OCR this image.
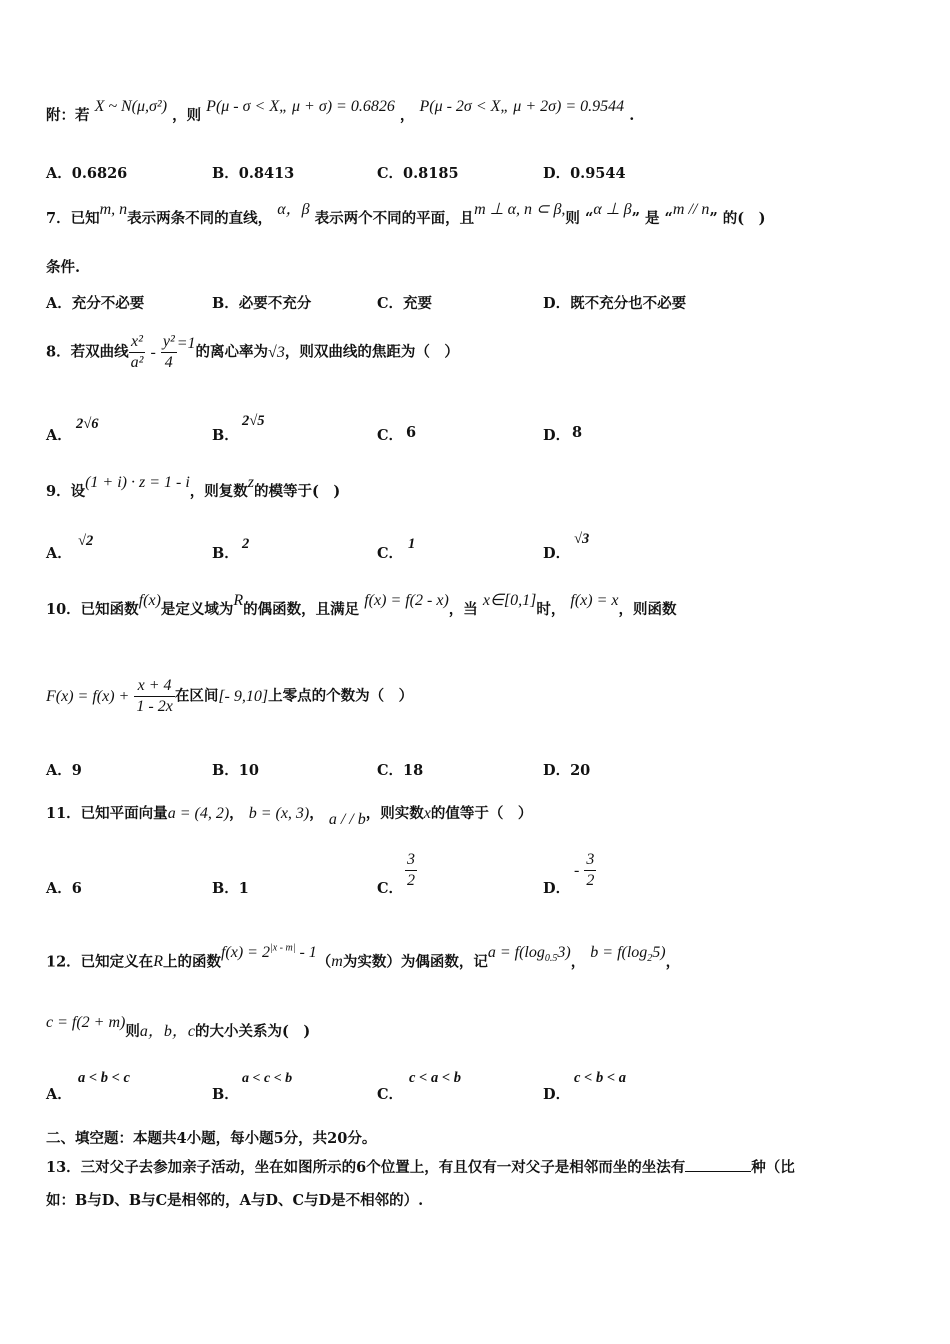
附：若 X ~ N(μ,σ²) ，则 P(μ - σ < X„ μ + σ) = 0.6826 ， P(μ - 2σ < X„ μ + 2σ) = 0.9544 .
A．0.6826	B．0.8413	C．0.8185	D．0.9544
7．已知m, n表示两条不同的直线， α，β 表示两个不同的平面，且m ⊥ α, n ⊂ β,则 “α ⊥ β” 是 “m // n” 的(　)
条件.
A．充分不必要	B．必要不充分	C．充要	D．既不充分也不必要
8．若双曲线 $\frac{\text{x²}}{\text{a²}} - \frac{\text{y²}}{4} =1$的离心率为√3，则双曲线的焦距为（　）
A．
2√6
B．
2√5
C． 6	D． 8
9．设(1 + i) · z = 1 - i，则复数z的模等于(　)
A．
√2
B．
2
C．
1
D．
√3
10．已知函数f(x)是定义域为R的偶函数，且满足 f(x) = f(2 - x)，当 x∈[0,1]时， f(x) = x，则函数
$F(x) = f(x) + \frac{x + 4}{1 - 2x}$ 在区间[- 9,10]上零点的个数为（　）
A．9	B．10	C．18	D．20
11．已知平面向量a = (4, 2)， b = (x, 3)， a / / b，则实数x的值等于（　）
A．6	B．1	C． $\frac{3}{2}$	D．
- $\frac{3}{2}$
12．已知定义在R上的函数$f(x) = 2^{|x - m|} - 1(m$为实数）为偶函数，记$a = f(\log_{0.5}3)$， $b = f(\log_25)$，
c = f(2 + m)则a，b，c的大小关系为(　)
A．
a < b < c
B．
a < c < b
C．
c < a < b
D．
c < b < a
二、填空题：本题共4小题，每小题5分，共20分。
13．三对父子去参加亲子活动，坐在如图所示的6个位置上，有且仅有一对父子是相邻而坐的坐法有	种（比
如：B与D、B与C是相邻的，A与D、C与D是不相邻的）.
